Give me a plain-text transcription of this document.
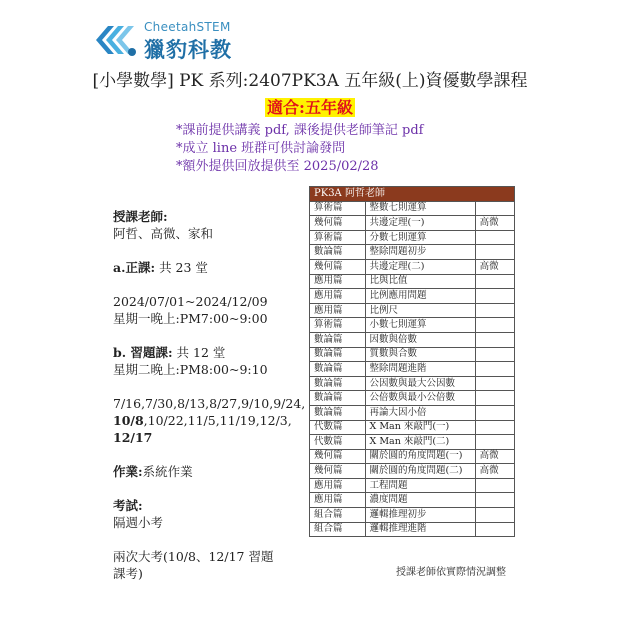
CheetahSTEM
獵豹科教
[小學數學] PK 系列:2407PK3A 五年級(上)資優數學課程
適合:五年級
*課前提供講義 pdf, 課後提供老師筆記 pdf
*成立 line 班群可供討論發問
*額外提供回放提供至 2025/02/28
授課老師:
阿哲、高微、家和
a.正課: 共 23 堂
2024/07/01~2024/12/09
星期一晚上:PM7:00~9:00
b. 習題課: 共 12 堂
星期二晚上:PM8:00~9:10
7/16,7/30,8/13,8/27,9/10,9/24,
10/8,10/22,11/5,11/19,12/3,
12/17
作業:系統作業
考試:
隔週小考
兩次大考(10/8、12/17 習題課考)
PK3A 阿哲老師		
算術篇	整數七則運算	
幾何篇	共邊定理(一)	高微
算術篇	分數七則運算	
數論篇	整除問題初步	
幾何篇	共邊定理(二)	高微
應用篇	比與比值	
應用篇	比例應用問題	
應用篇	比例尺	
算術篇	小數七則運算	
數論篇	因數與倍數	
數論篇	質數與合數	
數論篇	整除問題進階	
數論篇	公因數與最大公因數	
數論篇	公倍數與最小公倍數	
數論篇	再論大因小倍	
代數篇	X Man 來敲門(一)	
代數篇	X Man 來敲門(二)	
幾何篇	關於圓的角度問題(一)	高微
幾何篇	關於圓的角度問題(二)	高微
應用篇	工程問題	
應用篇	濃度問題	
組合篇	邏輯推理初步	
組合篇	邏輯推理進階	
授課老師依實際情況調整
